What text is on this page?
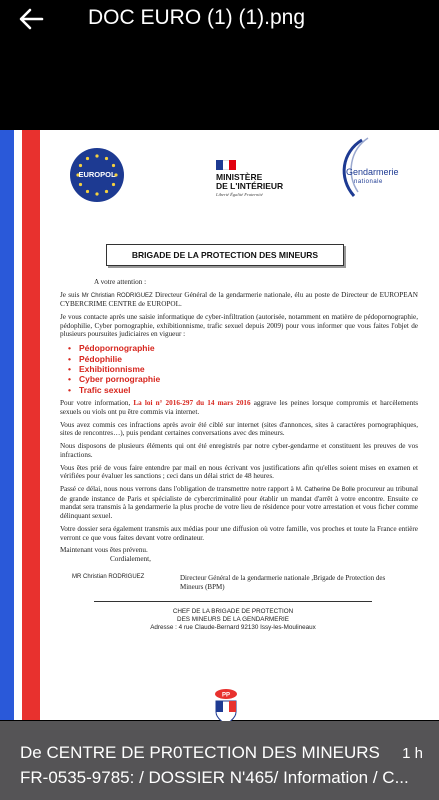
DOC EURO (1) (1).png
EUROPOL	MINISTÈRE
DE L'INTÉRIEUR
Liberté Égalité Fraternité
Gendarmerie
nationale
BRIGADE DE LA PROTECTION DES MINEURS

A votre attention :

Je suis Mr Christian RODRIGUEZ Directeur Général de la gendarmerie nationale, élu au poste de Directeur de EUROPEAN CYBERCRIME CENTRE de EUROPOL.

Je vous contacte après une saisie informatique de cyber-infiltration (autorisée, notamment en matière de pédopornographie, pédophilie, Cyber pornographie, exhibitionnisme, trafic sexuel depuis 2009) pour vous informer que vous faites l'objet de plusieurs poursuites judiciaires en vigueur :

• Pédopornographie
• Pédophilie
• Exhibitionnisme
• Cyber pornographie
• Trafic sexuel

Pour votre information, La loi n° 2016-297 du 14 mars 2016 aggrave les peines lorsque compromis et harcèlements sexuels ou viols ont pu être commis via internet.

Vous avez commis ces infractions après avoir été ciblé sur internet (sites d'annonces, sites à caractères pornographiques, sites de rencontres…), puis pendant certaines conversations avec des mineurs.

Nous disposons de plusieurs éléments qui ont été enregistrés par notre cyber-gendarme et constituent les preuves de vos infractions.

Vous êtes prié de vous faire entendre par mail en nous écrivant vos justifications afin qu'elles soient mises en examen et vérifiées pour évaluer les sanctions ; ceci dans un délai strict de 48 heures.

Passé ce délai, nous nous verrons dans l'obligation de transmettre notre rapport à M. Catherine De Bolle procureur au tribunal de grande instance de Paris et spécialiste de cybercriminalité pour établir un mandat d'arrêt à votre encontre. Ensuite ce mandat sera transmis à la gendarmerie la plus proche de votre lieu de résidence pour votre arrestation et vous ficher comme délinquant sexuel.

Votre dossier sera également transmis aux médias pour une diffusion où votre famille, vos proches et toute la France entière verront ce que vous faites devant votre ordinateur.

Maintenant vous êtes prévenu.

Cordialement,

MR Christian RODRIGUEZ	Directeur Général de la gendarmerie nationale ,Brigade de Protection des Mineurs (BPM)
CHEF DE LA BRIGADE DE PROTECTION
DES MINEURS DE LA GENDARMERIE
Adresse : 4 rue Claude-Bernard 92130 Issy-les-Moulineaux
PP
De CENTRE DE PR0TECTION DES MINEURS 1 h
FR-0535-9785: / DOSSIER N'465/ Information / C...
